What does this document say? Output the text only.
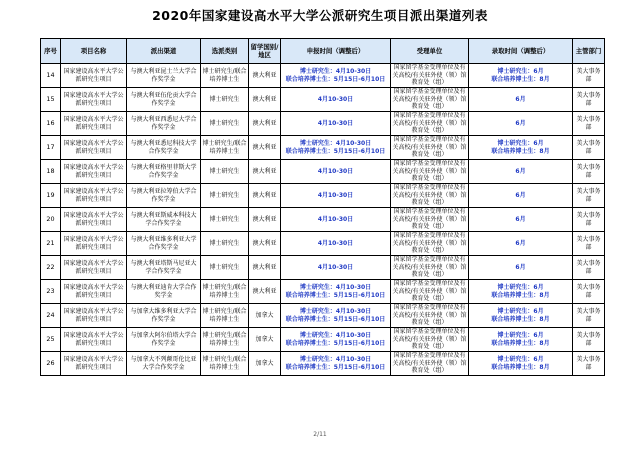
2020年国家建设高水平大学公派研究生项目派出渠道列表
序号	项目名称	派出渠道	选派类别	留学国别/地区	申报时间（调整后）	受理单位	录取时间（调整后）	主管部门
14	国家建设高水平大学公派研究生项目	与澳大利亚昆士兰大学合作奖学金	博士研究生/联合培养博士生	澳大利亚	博士研究生：4月10-30日
联合培养博士生：5月15日-6月10日	国家留学基金受理单位及有关高校/有关驻外使（领）馆教育处（组）	博士研究生：6月
联合培养博士生：8月	美大事务部
15	国家建设高水平大学公派研究生项目	与澳大利亚伍伦贡大学合作奖学金	博士研究生	澳大利亚	4月10-30日	国家留学基金受理单位及有关高校/有关驻外使（领）馆教育处（组）	6月	美大事务部
16	国家建设高水平大学公派研究生项目	与澳大利亚西悉尼大学合作奖学金	博士研究生	澳大利亚	4月10-30日	国家留学基金受理单位及有关高校/有关驻外使（领）馆教育处（组）	6月	美大事务部
17	国家建设高水平大学公派研究生项目	与澳大利亚悉尼科技大学合作奖学金	博士研究生/联合培养博士生	澳大利亚	博士研究生：4月10-30日
联合培养博士生：5月15日-6月10日	国家留学基金受理单位及有关高校/有关驻外使（领）馆教育处（组）	博士研究生：6月
联合培养博士生：8月	美大事务部
18	国家建设高水平大学公派研究生项目	与澳大利亚格里菲斯大学合作奖学金	博士研究生	澳大利亚	4月10-30日	国家留学基金受理单位及有关高校/有关驻外使（领）馆教育处（组）	6月	美大事务部
19	国家建设高水平大学公派研究生项目	与澳大利亚拉筹伯大学合作奖学金	博士研究生	澳大利亚	4月10-30日	国家留学基金受理单位及有关高校/有关驻外使（领）馆教育处（组）	6月	美大事务部
20	国家建设高水平大学公派研究生项目	与澳大利亚斯威本科技大学合作奖学金	博士研究生	澳大利亚	4月10-30日	国家留学基金受理单位及有关高校/有关驻外使（领）馆教育处（组）	6月	美大事务部
21	国家建设高水平大学公派研究生项目	与澳大利亚维多利亚大学合作奖学金	博士研究生	澳大利亚	4月10-30日	国家留学基金受理单位及有关高校/有关驻外使（领）馆教育处（组）	6月	美大事务部
22	国家建设高水平大学公派研究生项目	与澳大利亚塔斯马尼亚大学合作奖学金	博士研究生	澳大利亚	4月10-30日	国家留学基金受理单位及有关高校/有关驻外使（领）馆教育处（组）	6月	美大事务部
23	国家建设高水平大学公派研究生项目	与澳大利亚迪肯大学合作奖学金	博士研究生/联合培养博士生	澳大利亚	博士研究生：4月10-30日
联合培养博士生：5月15日-6月10日	国家留学基金受理单位及有关高校/有关驻外使（领）馆教育处（组）	博士研究生：6月
联合培养博士生：8月	美大事务部
24	国家建设高水平大学公派研究生项目	与加拿大维多利亚大学合作奖学金	博士研究生/联合培养博士生	加拿大	博士研究生：4月10-30日
联合培养博士生：5月15日-6月10日	国家留学基金受理单位及有关高校/有关驻外使（领）馆教育处（组）	博士研究生：6月
联合培养博士生：8月	美大事务部
25	国家建设高水平大学公派研究生项目	与加拿大阿尔伯塔大学合作奖学金	博士研究生/联合培养博士生	加拿大	博士研究生：4月10-30日
联合培养博士生：5月15日-6月10日	国家留学基金受理单位及有关高校/有关驻外使（领）馆教育处（组）	博士研究生：6月
联合培养博士生：8月	美大事务部
26	国家建设高水平大学公派研究生项目	与加拿大不列颠哥伦比亚大学合作奖学金	博士研究生/联合培养博士生	加拿大	博士研究生：4月10-30日
联合培养博士生：5月15日-6月10日	国家留学基金受理单位及有关高校/有关驻外使（领）馆教育处（组）	博士研究生：6月
联合培养博士生：8月	美大事务部
2/11
